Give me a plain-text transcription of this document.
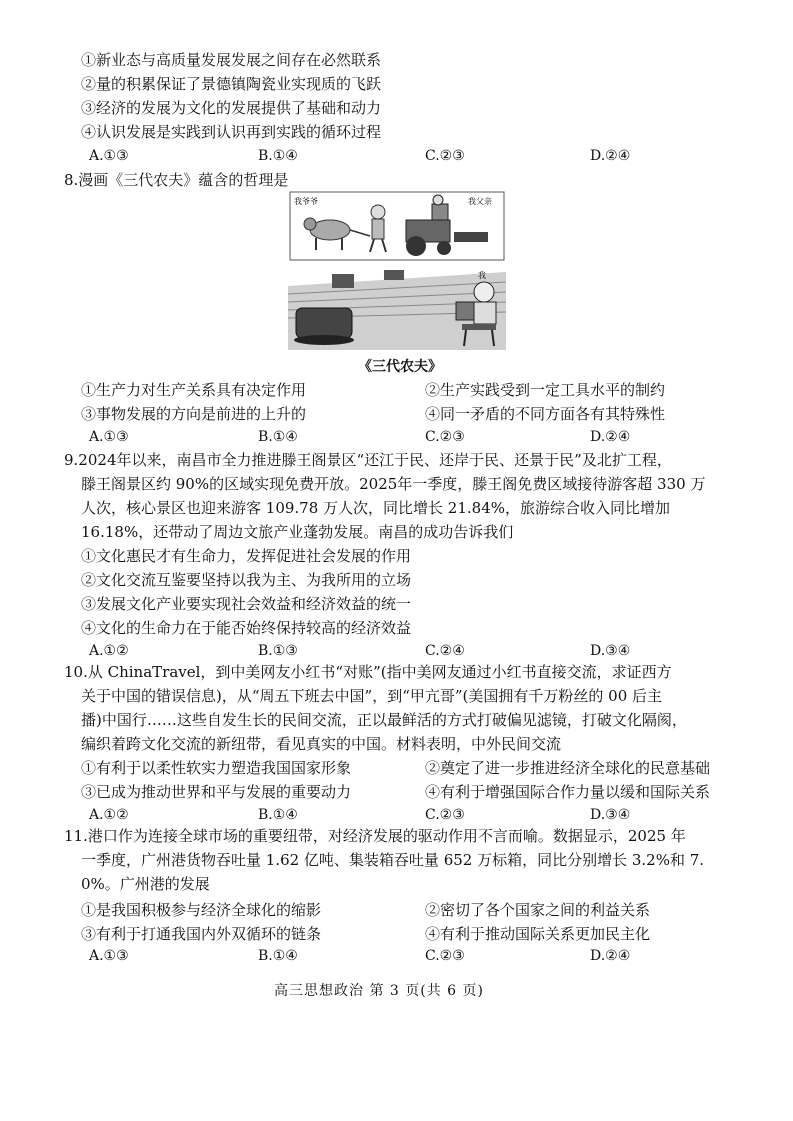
①新业态与高质量发展发展之间存在必然联系
②量的积累保证了景德镇陶瓷业实现质的飞跃
③经济的发展为文化的发展提供了基础和动力
④认识发展是实践到认识再到实践的循环过程
A.①③	B.①④	C.②③	D.②④
8.漫画《三代农夫》蕴含的哲理是
我爷爷	我父亲
我
《三代农夫》
①生产力对生产关系具有决定作用	②生产实践受到一定工具水平的制约
③事物发展的方向是前进的上升的	④同一矛盾的不同方面各有其特殊性
A.①③	B.①④	C.②③	D.②④
9.2024年以来，南昌市全力推进滕王阁景区“还江于民、还岸于民、还景于民”及北扩工程，
滕王阁景区约 90%的区域实现免费开放。2025年一季度，滕王阁免费区域接待游客超 330 万
人次，核心景区也迎来游客 109.78 万人次，同比增长 21.84%，旅游综合收入同比增加
16.18%，还带动了周边文旅产业蓬勃发展。南昌的成功告诉我们
①文化惠民才有生命力，发挥促进社会发展的作用
②文化交流互鉴要坚持以我为主、为我所用的立场
③发展文化产业要实现社会效益和经济效益的统一
④文化的生命力在于能否始终保持较高的经济效益
A.①②	B.①③	C.②④	D.③④
10.从 ChinaTravel，到中美网友小红书“对账”(指中美网友通过小红书直接交流，求证西方
关于中国的错误信息)，从“周五下班去中国”，到“甲亢哥”(美国拥有千万粉丝的 00 后主
播)中国行……这些自发生长的民间交流，正以最鲜活的方式打破偏见滤镜，打破文化隔阂，
编织着跨文化交流的新纽带，看见真实的中国。材料表明，中外民间交流
①有利于以柔性软实力塑造我国国家形象	②奠定了进一步推进经济全球化的民意基础
③已成为推动世界和平与发展的重要动力	④有利于增强国际合作力量以缓和国际关系
A.①②	B.①④	C.②③	D.③④
11.港口作为连接全球市场的重要纽带，对经济发展的驱动作用不言而喻。数据显示，2025 年
一季度，广州港货物吞吐量 1.62 亿吨、集装箱吞吐量 652 万标箱，同比分别增长 3.2%和 7.
0%。广州港的发展
①是我国积极参与经济全球化的缩影	②密切了各个国家之间的利益关系
③有利于打通我国内外双循环的链条	④有利于推动国际关系更加民主化
A.①③	B.①④	C.②③	D.②④
高三思想政治 第 3 页(共 6 页)
